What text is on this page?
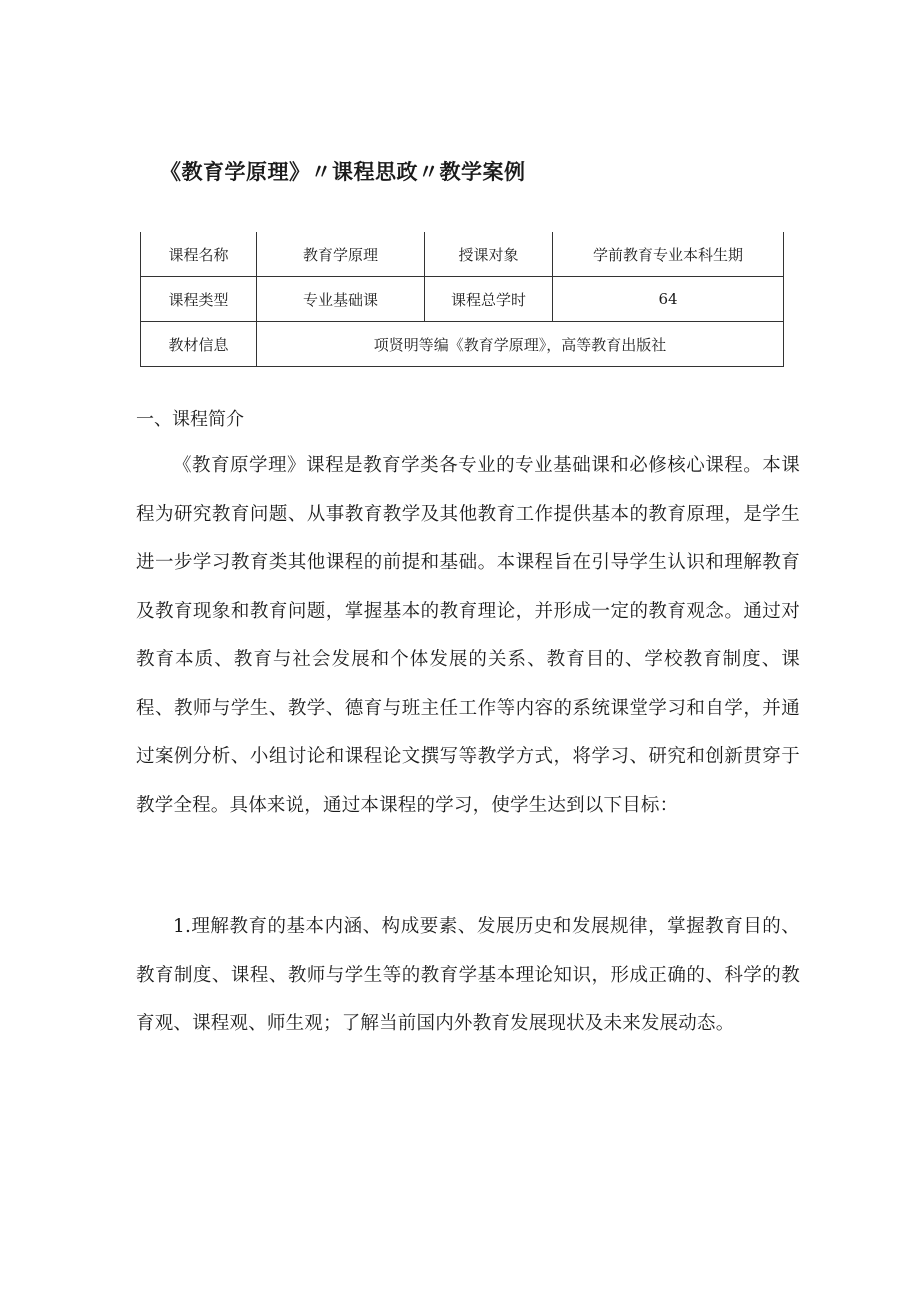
《教育学原理》〃课程思政〃教学案例
课程名称	教育学原理	授课对象	学前教育专业本科生期
课程类型	专业基础课	课程总学时	64
教材信息	项贤明等编《教育学原理》，高等教育出版社		
一、课程简介

《教育原学理》课程是教育学类各专业的专业基础课和必修核心课程。本课程为研究教育问题、从事教育教学及其他教育工作提供基本的教育原理，是学生进一步学习教育类其他课程的前提和基础。本课程旨在引导学生认识和理解教育及教育现象和教育问题，掌握基本的教育理论，并形成一定的教育观念。通过对教育本质、教育与社会发展和个体发展的关系、教育目的、学校教育制度、课程、教师与学生、教学、德育与班主任工作等内容的系统课堂学习和自学，并通过案例分析、小组讨论和课程论文撰写等教学方式，将学习、研究和创新贯穿于教学全程。具体来说，通过本课程的学习，使学生达到以下目标：

1.理解教育的基本内涵、构成要素、发展历史和发展规律，掌握教育目的、教育制度、课程、教师与学生等的教育学基本理论知识，形成正确的、科学的教育观、课程观、师生观；了解当前国内外教育发展现状及未来发展动态。
